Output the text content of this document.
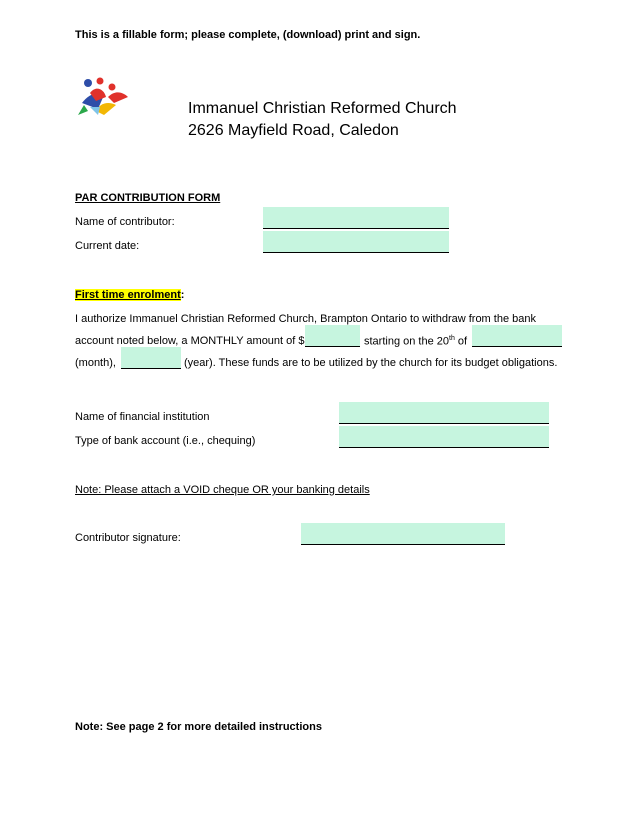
This is a fillable form; please complete, (download) print and sign.
Immanuel Christian Reformed Church
2626 Mayfield Road, Caledon
PAR CONTRIBUTION FORM
Name of contributor:
Current date:
First time enrolment:
I authorize Immanuel Christian Reformed Church, Brampton Ontario to withdraw from the bank
account noted below, a MONTHLY amount of $	starting on the 20th of
(month),	(year). These funds are to be utilized by the church for its budget obligations.
Name of financial institution
Type of bank account (i.e., chequing)
Note: Please attach a VOID cheque OR your banking details
Contributor signature:
Note: See page 2 for more detailed instructions
